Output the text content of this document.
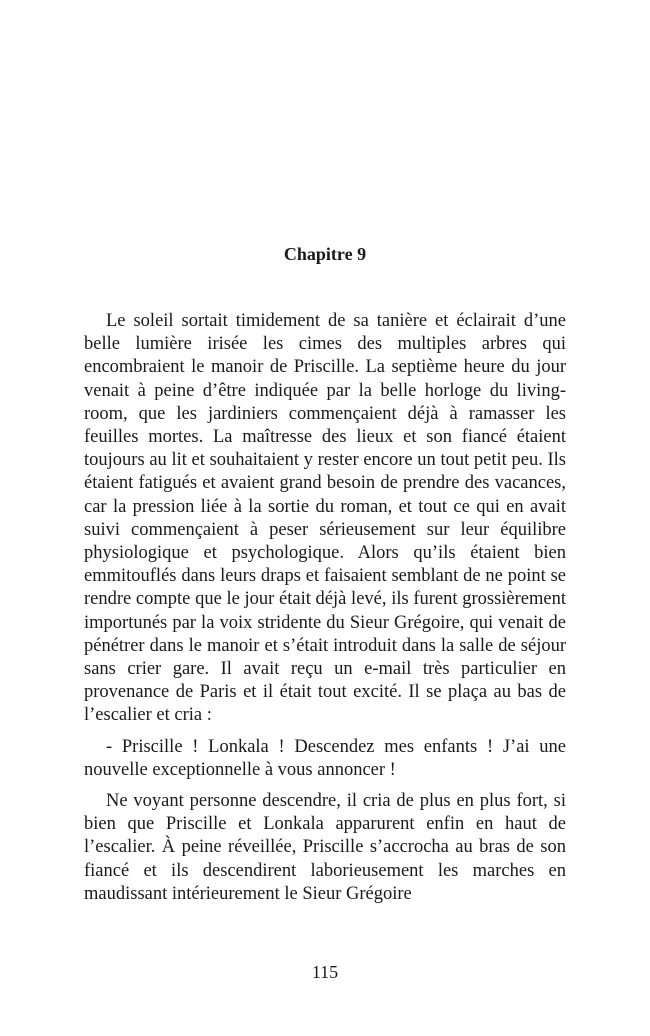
Chapitre 9

Le soleil sortait timidement de sa tanière et éclairait d’une belle lumière irisée les cimes des multiples arbres qui encombraient le manoir de Priscille. La septième heure du jour venait à peine d’être indiquée par la belle horloge du living-room, que les jardiniers commençaient déjà à ramasser les feuilles mortes. La maîtresse des lieux et son fiancé étaient toujours au lit et souhaitaient y rester encore un tout petit peu. Ils étaient fatigués et avaient grand besoin de prendre des vacances, car la pression liée à la sortie du roman, et tout ce qui en avait suivi commençaient à peser sérieusement sur leur équilibre physiologique et psychologique. Alors qu’ils étaient bien emmitouflés dans leurs draps et faisaient semblant de ne point se rendre compte que le jour était déjà levé, ils furent grossièrement importunés par la voix stridente du Sieur Grégoire, qui venait de pénétrer dans le manoir et s’était introduit dans la salle de séjour sans crier gare. Il avait reçu un e-mail très particulier en provenance de Paris et il était tout excité. Il se plaça au bas de l’escalier et cria :

- Priscille ! Lonkala ! Descendez mes enfants ! J’ai une nouvelle exceptionnelle à vous annoncer !

Ne voyant personne descendre, il cria de plus en plus fort, si bien que Priscille et Lonkala apparurent enfin en haut de l’escalier. À peine réveillée, Priscille s’accrocha au bras de son fiancé et ils descendirent laborieusement les marches en maudissant intérieurement le Sieur Grégoire

115
